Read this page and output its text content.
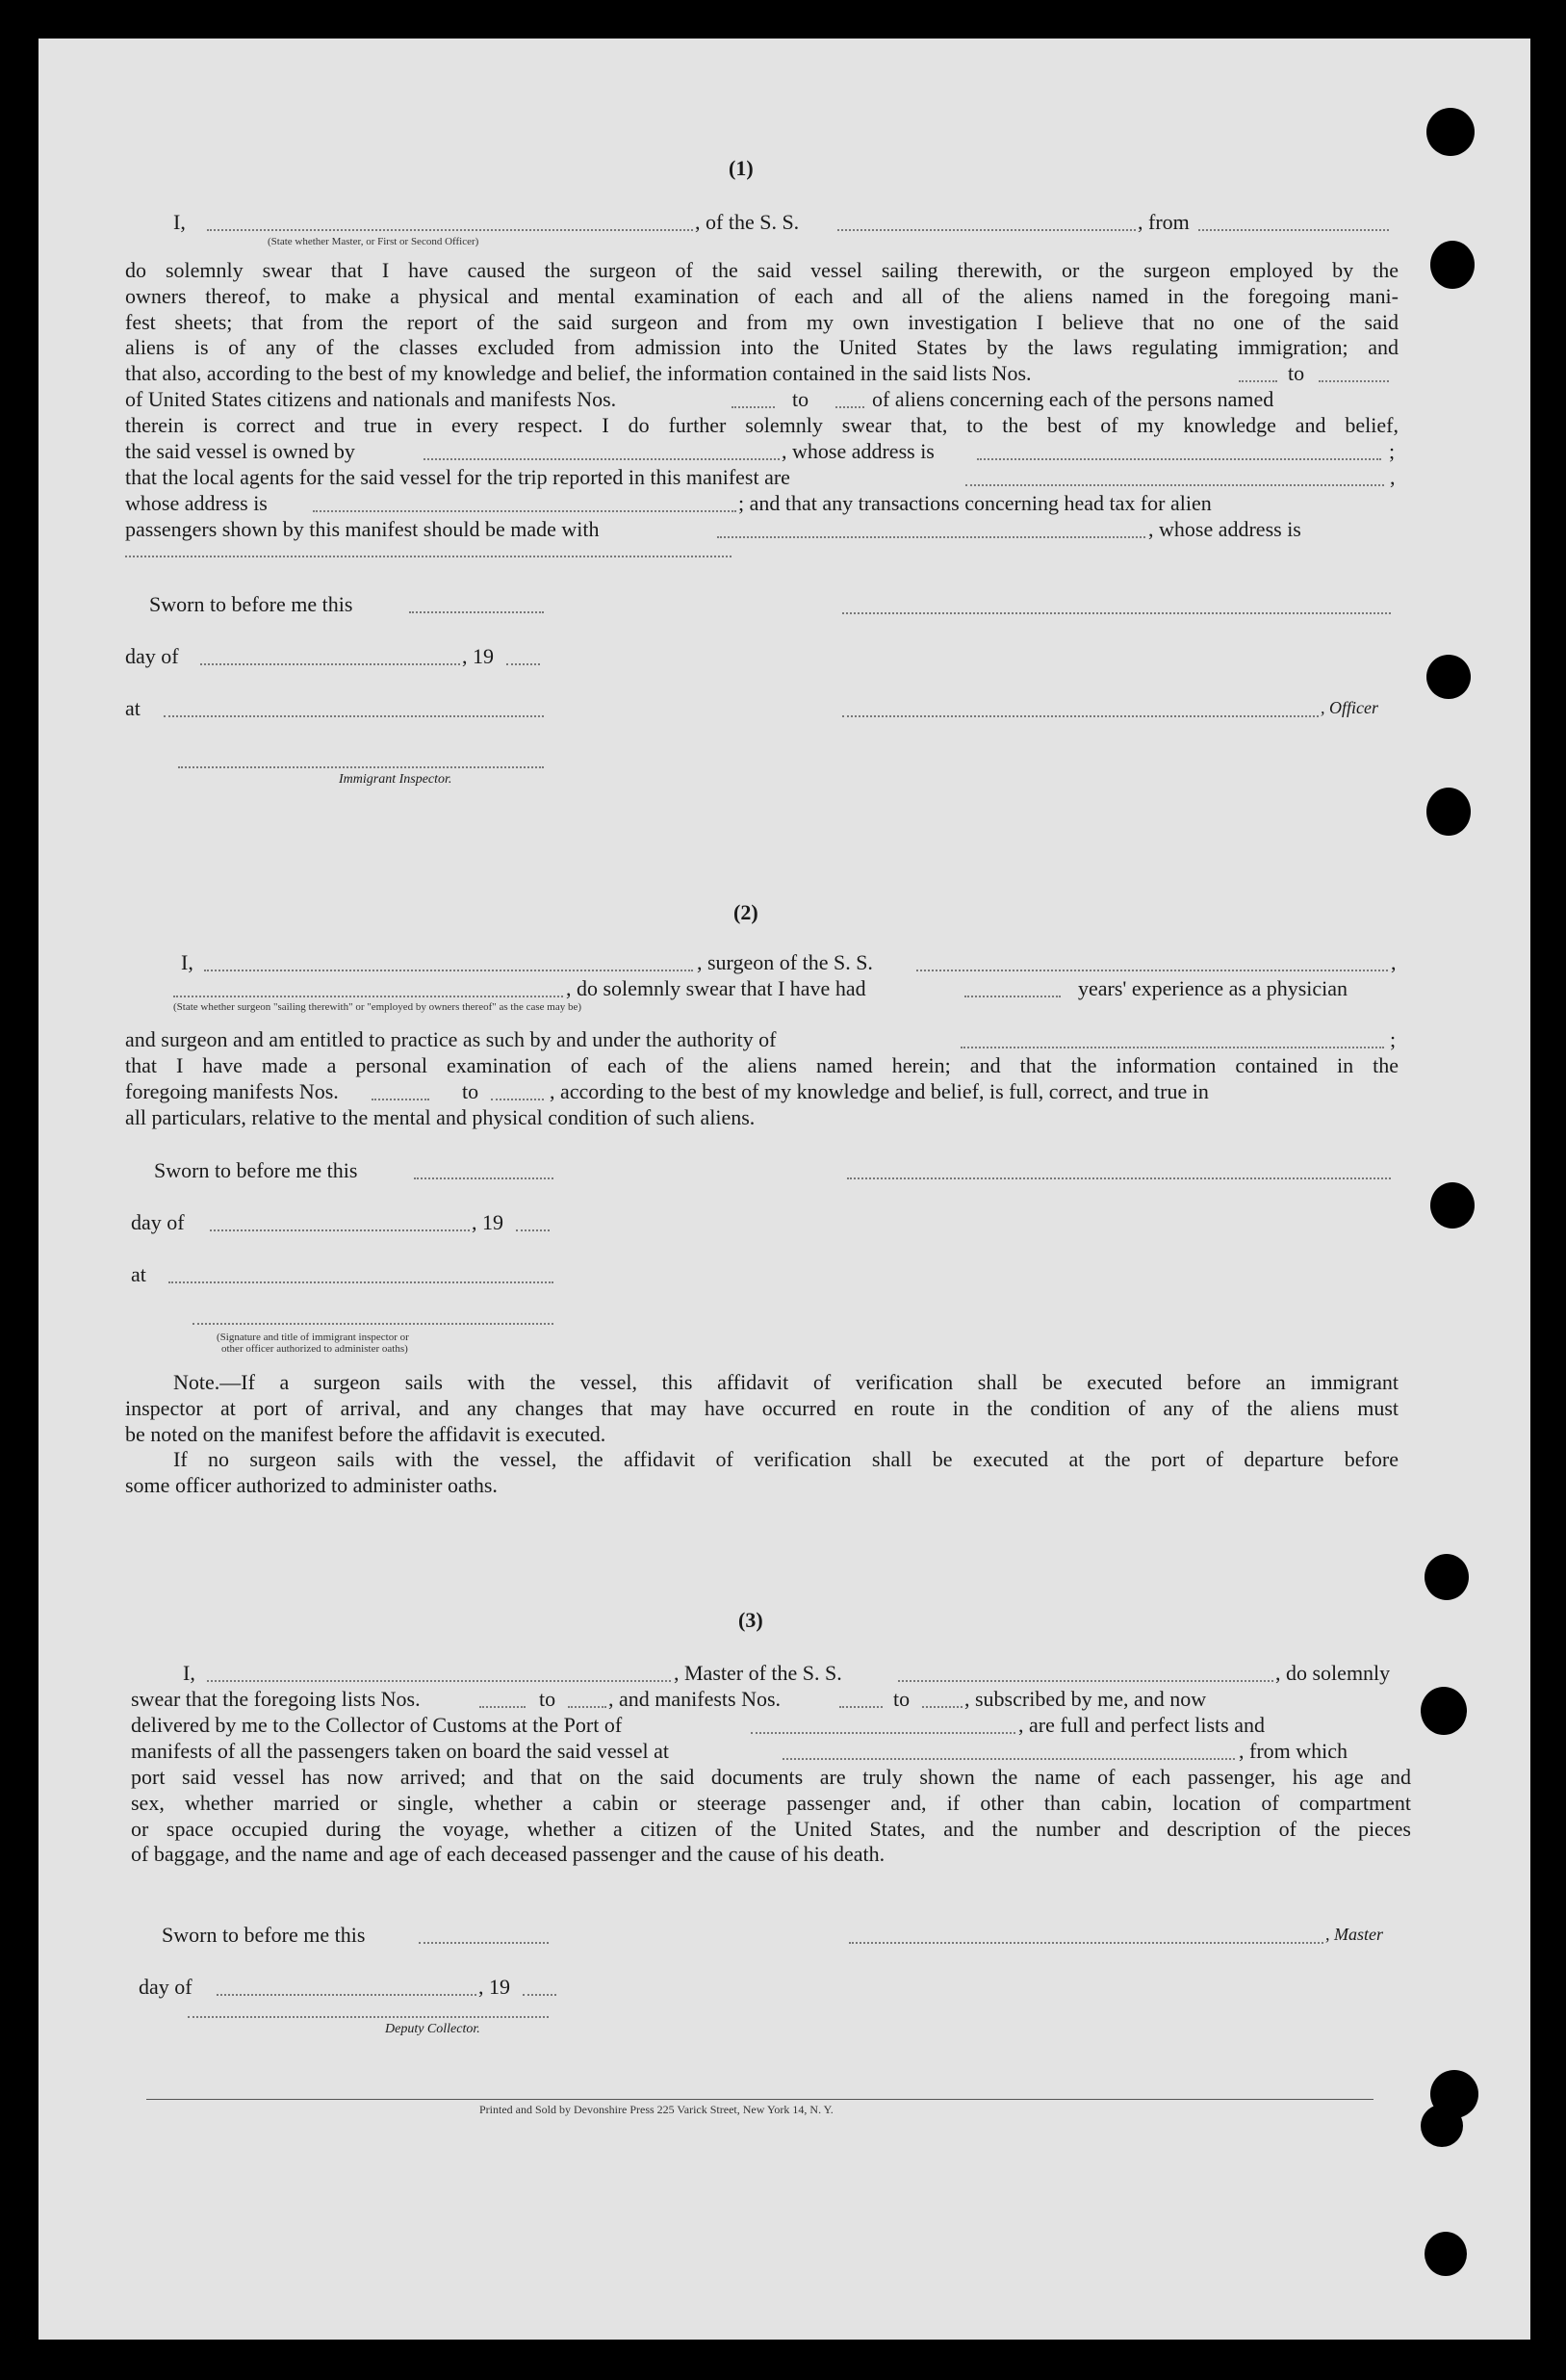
(1)
I,	, of the S. S.	, from
(State whether Master, or First or Second Officer)
do solemnly swear that I have caused the surgeon of the said vessel sailing therewith, or the surgeon employed by the
owners thereof, to make a physical and mental examination of each and all of the aliens named in the foregoing mani-
fest sheets; that from the report of the said surgeon and from my own investigation I believe that no one of the said
aliens is of any of the classes excluded from admission into the United States by the laws regulating immigration; and
that also, according to the best of my knowledge and belief, the information contained in the said lists Nos.	to
of United States citizens and nationals and manifests Nos.	to	of aliens concerning each of the persons named
therein is correct and true in every respect. I do further solemnly swear that, to the best of my knowledge and belief,
the said vessel is owned by	, whose address is	;
that the local agents for the said vessel for the trip reported in this manifest are	,
whose address is	; and that any transactions concerning head tax for alien
passengers shown by this manifest should be made with	, whose address is
Sworn to before me this
day of	, 19
at	, Officer
Immigrant Inspector.
(2)
I,	, surgeon of the S. S.	,
, do solemnly swear that I have had	years' experience as a physician
(State whether surgeon "sailing therewith" or "employed by owners thereof" as the case may be)
and surgeon and am entitled to practice as such by and under the authority of	;
that I have made a personal examination of each of the aliens named herein; and that the information contained in the
foregoing manifests Nos.	to	, according to the best of my knowledge and belief, is full, correct, and true in
all particulars, relative to the mental and physical condition of such aliens.
Sworn to before me this
day of	, 19
at
(Signature and title of immigrant inspector or
other officer authorized to administer oaths)
Note.—If a surgeon sails with the vessel, this affidavit of verification shall be executed before an immigrant
inspector at port of arrival, and any changes that may have occurred en route in the condition of any of the aliens must
be noted on the manifest before the affidavit is executed.
If no surgeon sails with the vessel, the affidavit of verification shall be executed at the port of departure before
some officer authorized to administer oaths.
(3)
I,	, Master of the S. S.	, do solemnly
swear that the foregoing lists Nos.	to , and manifests Nos.	to	, subscribed by me, and now
delivered by me to the Collector of Customs at the Port of	, are full and perfect lists and
manifests of all the passengers taken on board the said vessel at	, from which
port said vessel has now arrived; and that on the said documents are truly shown the name of each passenger, his age and
sex, whether married or single, whether a cabin or steerage passenger and, if other than cabin, location of compartment
or space occupied during the voyage, whether a citizen of the United States, and the number and description of the pieces
of baggage, and the name and age of each deceased passenger and the cause of his death.
Sworn to before me this	, Master
day of	, 19
Deputy Collector.
Printed and Sold by Devonshire Press 225 Varick Street, New York 14, N. Y.
